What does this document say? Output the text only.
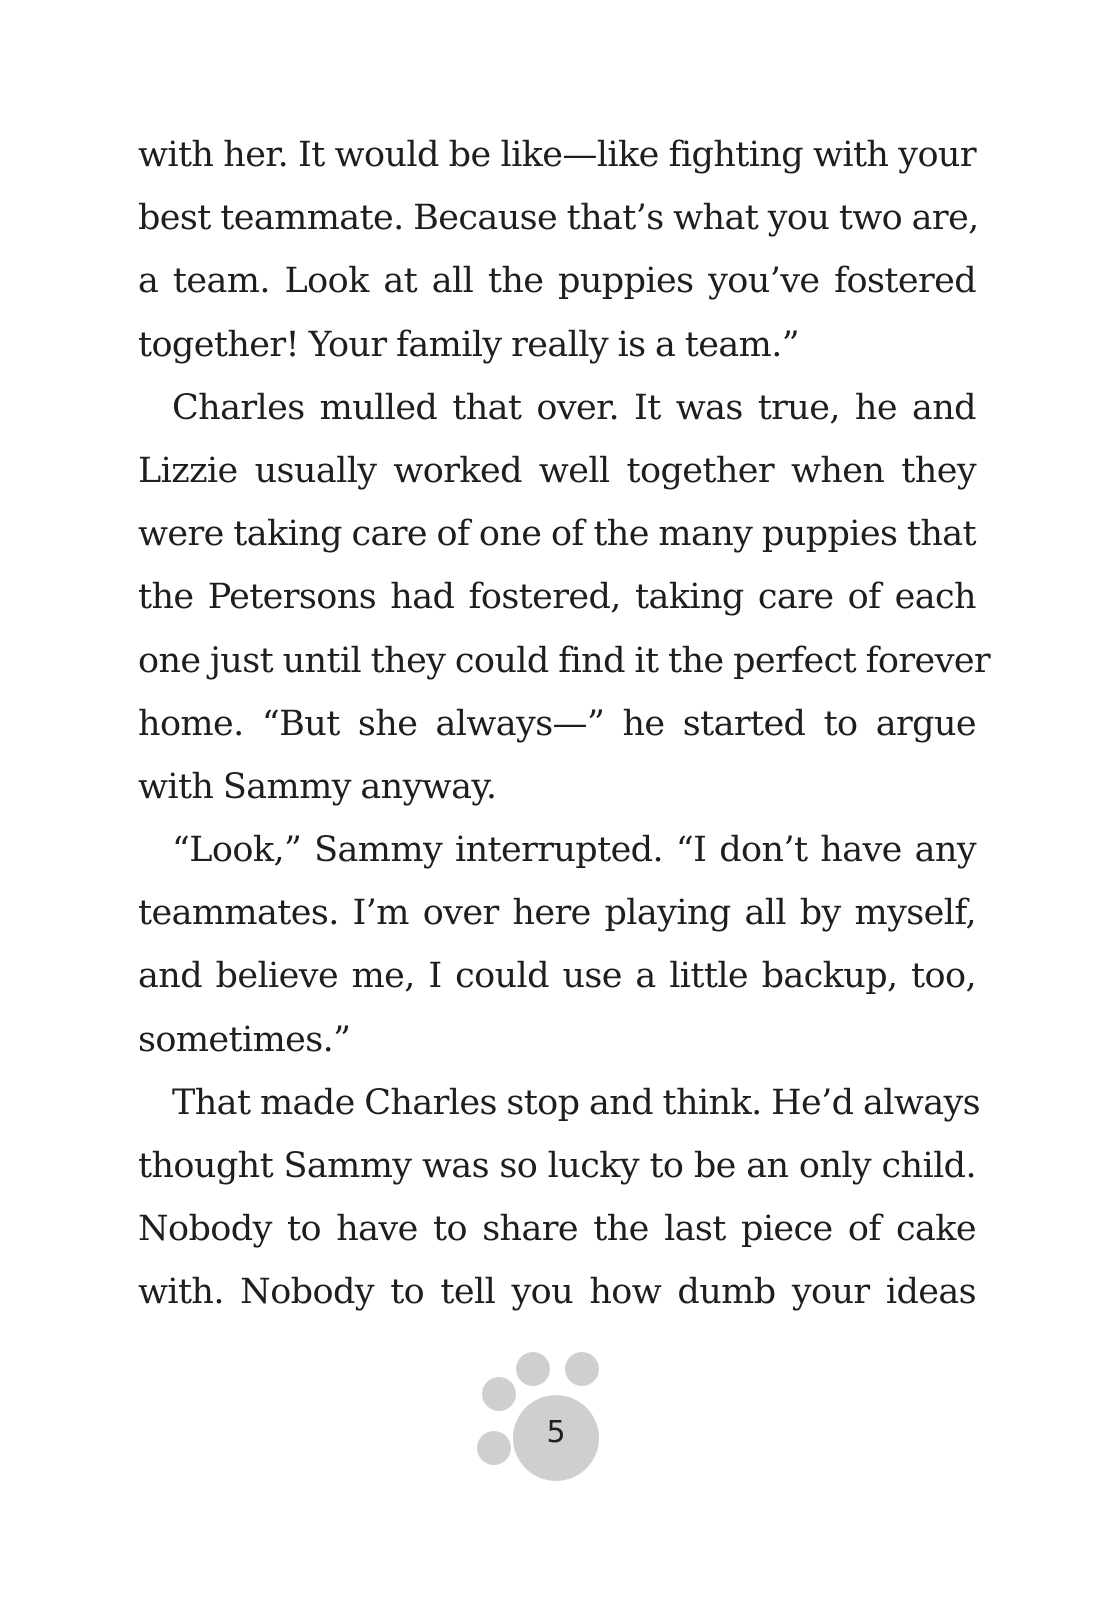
with her. It would be like—like fighting with your
best teammate. Because that’s what you two are,
a team. Look at all the puppies you’ve fostered
together! Your family really is a team.”
Charles mulled that over. It was true, he and
Lizzie usually worked well together when they
were taking care of one of the many puppies that
the Petersons had fostered, taking care of each
one just until they could find it the perfect forever
home. “But she always—” he started to argue
with Sammy anyway.
“Look,” Sammy interrupted. “I don’t have any
teammates. I’m over here playing all by myself,
and believe me, I could use a little backup, too,
sometimes.”
That made Charles stop and think. He’d always
thought Sammy was so lucky to be an only child.
Nobody to have to share the last piece of cake
with. Nobody to tell you how dumb your ideas
5
